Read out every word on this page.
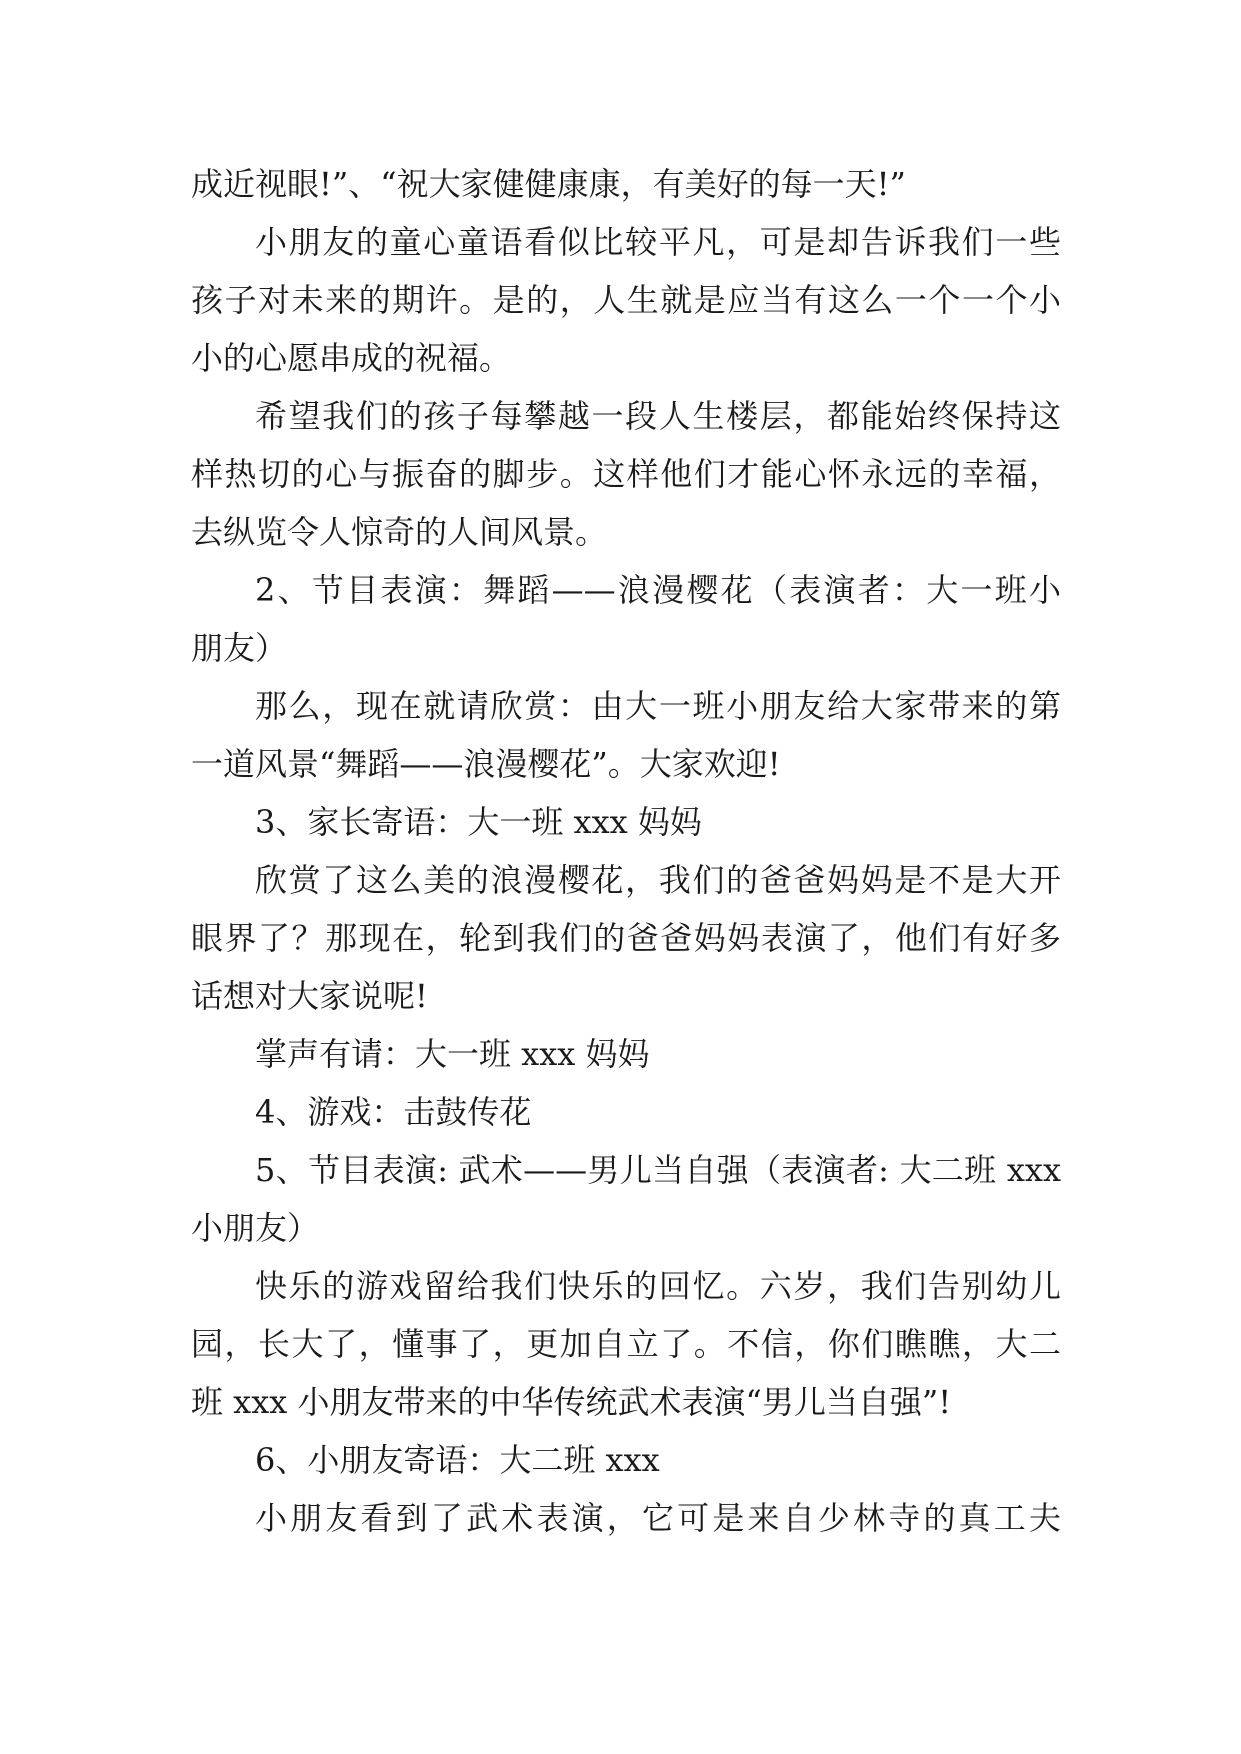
成近视眼!”、“祝大家健健康康，有美好的每一天!”
小朋友的童心童语看似比较平凡，可是却告诉我们一些
孩子对未来的期许。是的，人生就是应当有这么一个一个小
小的心愿串成的祝福。
希望我们的孩子每攀越一段人生楼层，都能始终保持这
样热切的心与振奋的脚步。这样他们才能心怀永远的幸福，
去纵览令人惊奇的人间风景。
2、节目表演：舞蹈——浪漫樱花（表演者：大一班小
朋友）
那么，现在就请欣赏：由大一班小朋友给大家带来的第
一道风景“舞蹈——浪漫樱花”。大家欢迎!
3、家长寄语：大一班 xxx 妈妈
欣赏了这么美的浪漫樱花，我们的爸爸妈妈是不是大开
眼界了？那现在，轮到我们的爸爸妈妈表演了，他们有好多
话想对大家说呢!
掌声有请：大一班 xxx 妈妈
4、游戏：击鼓传花
5、节目表演: 武术——男儿当自强（表演者: 大二班 xxx
小朋友）
快乐的游戏留给我们快乐的回忆。六岁，我们告别幼儿
园，长大了，懂事了，更加自立了。不信，你们瞧瞧，大二
班 xxx 小朋友带来的中华传统武术表演“男儿当自强”!
6、小朋友寄语：大二班 xxx
小朋友看到了武术表演，它可是来自少林寺的真工夫
